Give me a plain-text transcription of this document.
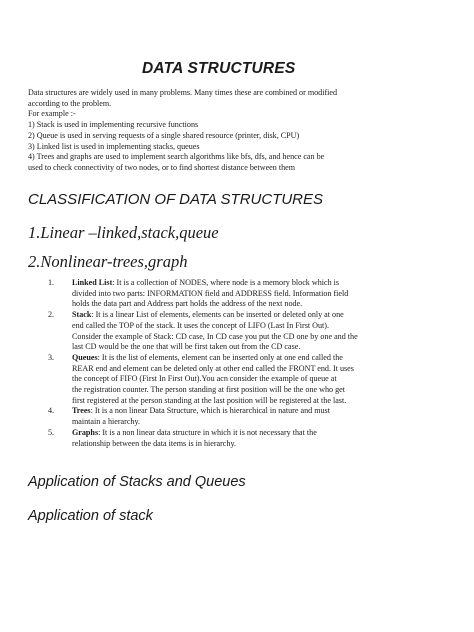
DATA STRUCTURES

Data structures are widely used in many problems. Many times these are combined or modified

according to the problem.

For example :-

1) Stack is used in implementing recursive functions

2) Queue is used in serving requests of a single shared resource (printer, disk, CPU)

3) Linked list is used in implementing stacks, queues

4) Trees and graphs are used to implement search algorithms like bfs, dfs, and hence can be

used to check connectivity of two nodes, or to find shortest distance between them

CLASSIFICATION OF DATA STRUCTURES
1.Linear –linked,stack,queue
2.Nonlinear-trees,graph
1. Linked List: It is a collection of NODES, where node is a memory block which is
divided into two parts: INFORMATION field and ADDRESS field. Information field
holds the data part and Address part holds the address of the next node.
2. Stack: It is a linear List of elements, elements can be inserted or deleted only at one
end called the TOP of the stack. It uses the concept of LIFO (Last In First Out).
Consider the example of Stack: CD case, In CD case you put the CD one by one and the
last CD would be the one that will be first taken out from the CD case.
3. Queues: It is the list of elements, element can be inserted only at one end called the
REAR end and element can be deleted only at other end called the FRONT end. It uses
the concept of FIFO (First In First Out).You acn consider the example of queue at
the registration counter. The person standing at first position will be the one who get
first registered at the person standing at the last position will be registered at the last.
4. Trees: It is a non linear Data Structure, which is hierarchical in nature and must
maintain a hierarchy.
5. Graphs: It is a non linear data structure in which it is not necessary that the
relationship between the data items is in hierarchy.
Application of Stacks and Queues
Application of stack
